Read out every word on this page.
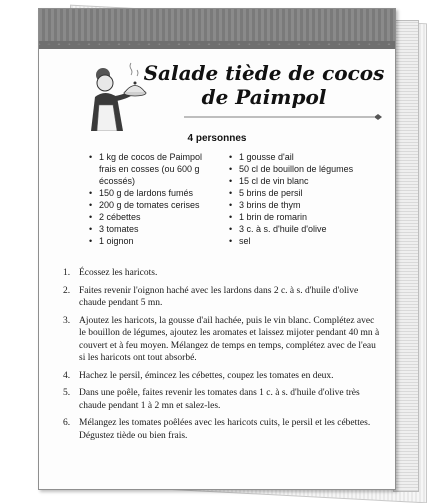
Salade tiède de cocos
de Paimpol
4 personnes
• 1 kg de cocos de Paimpol frais en cosses (ou 600 g écossés)
• 150 g de lardons fumés
• 200 g de tomates cerises
• 2 cébettes
• 3 tomates
• 1 oignon
• 1 gousse d'ail
• 50 cl de bouillon de légumes
• 15 cl de vin blanc
• 5 brins de persil
• 3 brins de thym
• 1 brin de romarin
• 3 c. à s. d'huile d'olive
• sel
1. Écossez les haricots.
2. Faites revenir l'oignon haché avec les lardons dans 2 c. à s. d'huile d'olive chaude pendant 5 mn.
3. Ajoutez les haricots, la gousse d'ail hachée, puis le vin blanc. Complétez avec le bouillon de légumes, ajoutez les aromates et laissez mijoter pendant 40 mn à couvert et à feu moyen. Mélangez de temps en temps, complétez avec de l'eau si les haricots ont tout absorbé.
4. Hachez le persil, émincez les cébettes, coupez les tomates en deux.
5. Dans une poêle, faites revenir les tomates dans 1 c. à s. d'huile d'olive très chaude pendant 1 à 2 mn et salez-les.
6. Mélangez les tomates poêlées avec les haricots cuits, le persil et les cébettes. Dégustez tiède ou bien frais.
